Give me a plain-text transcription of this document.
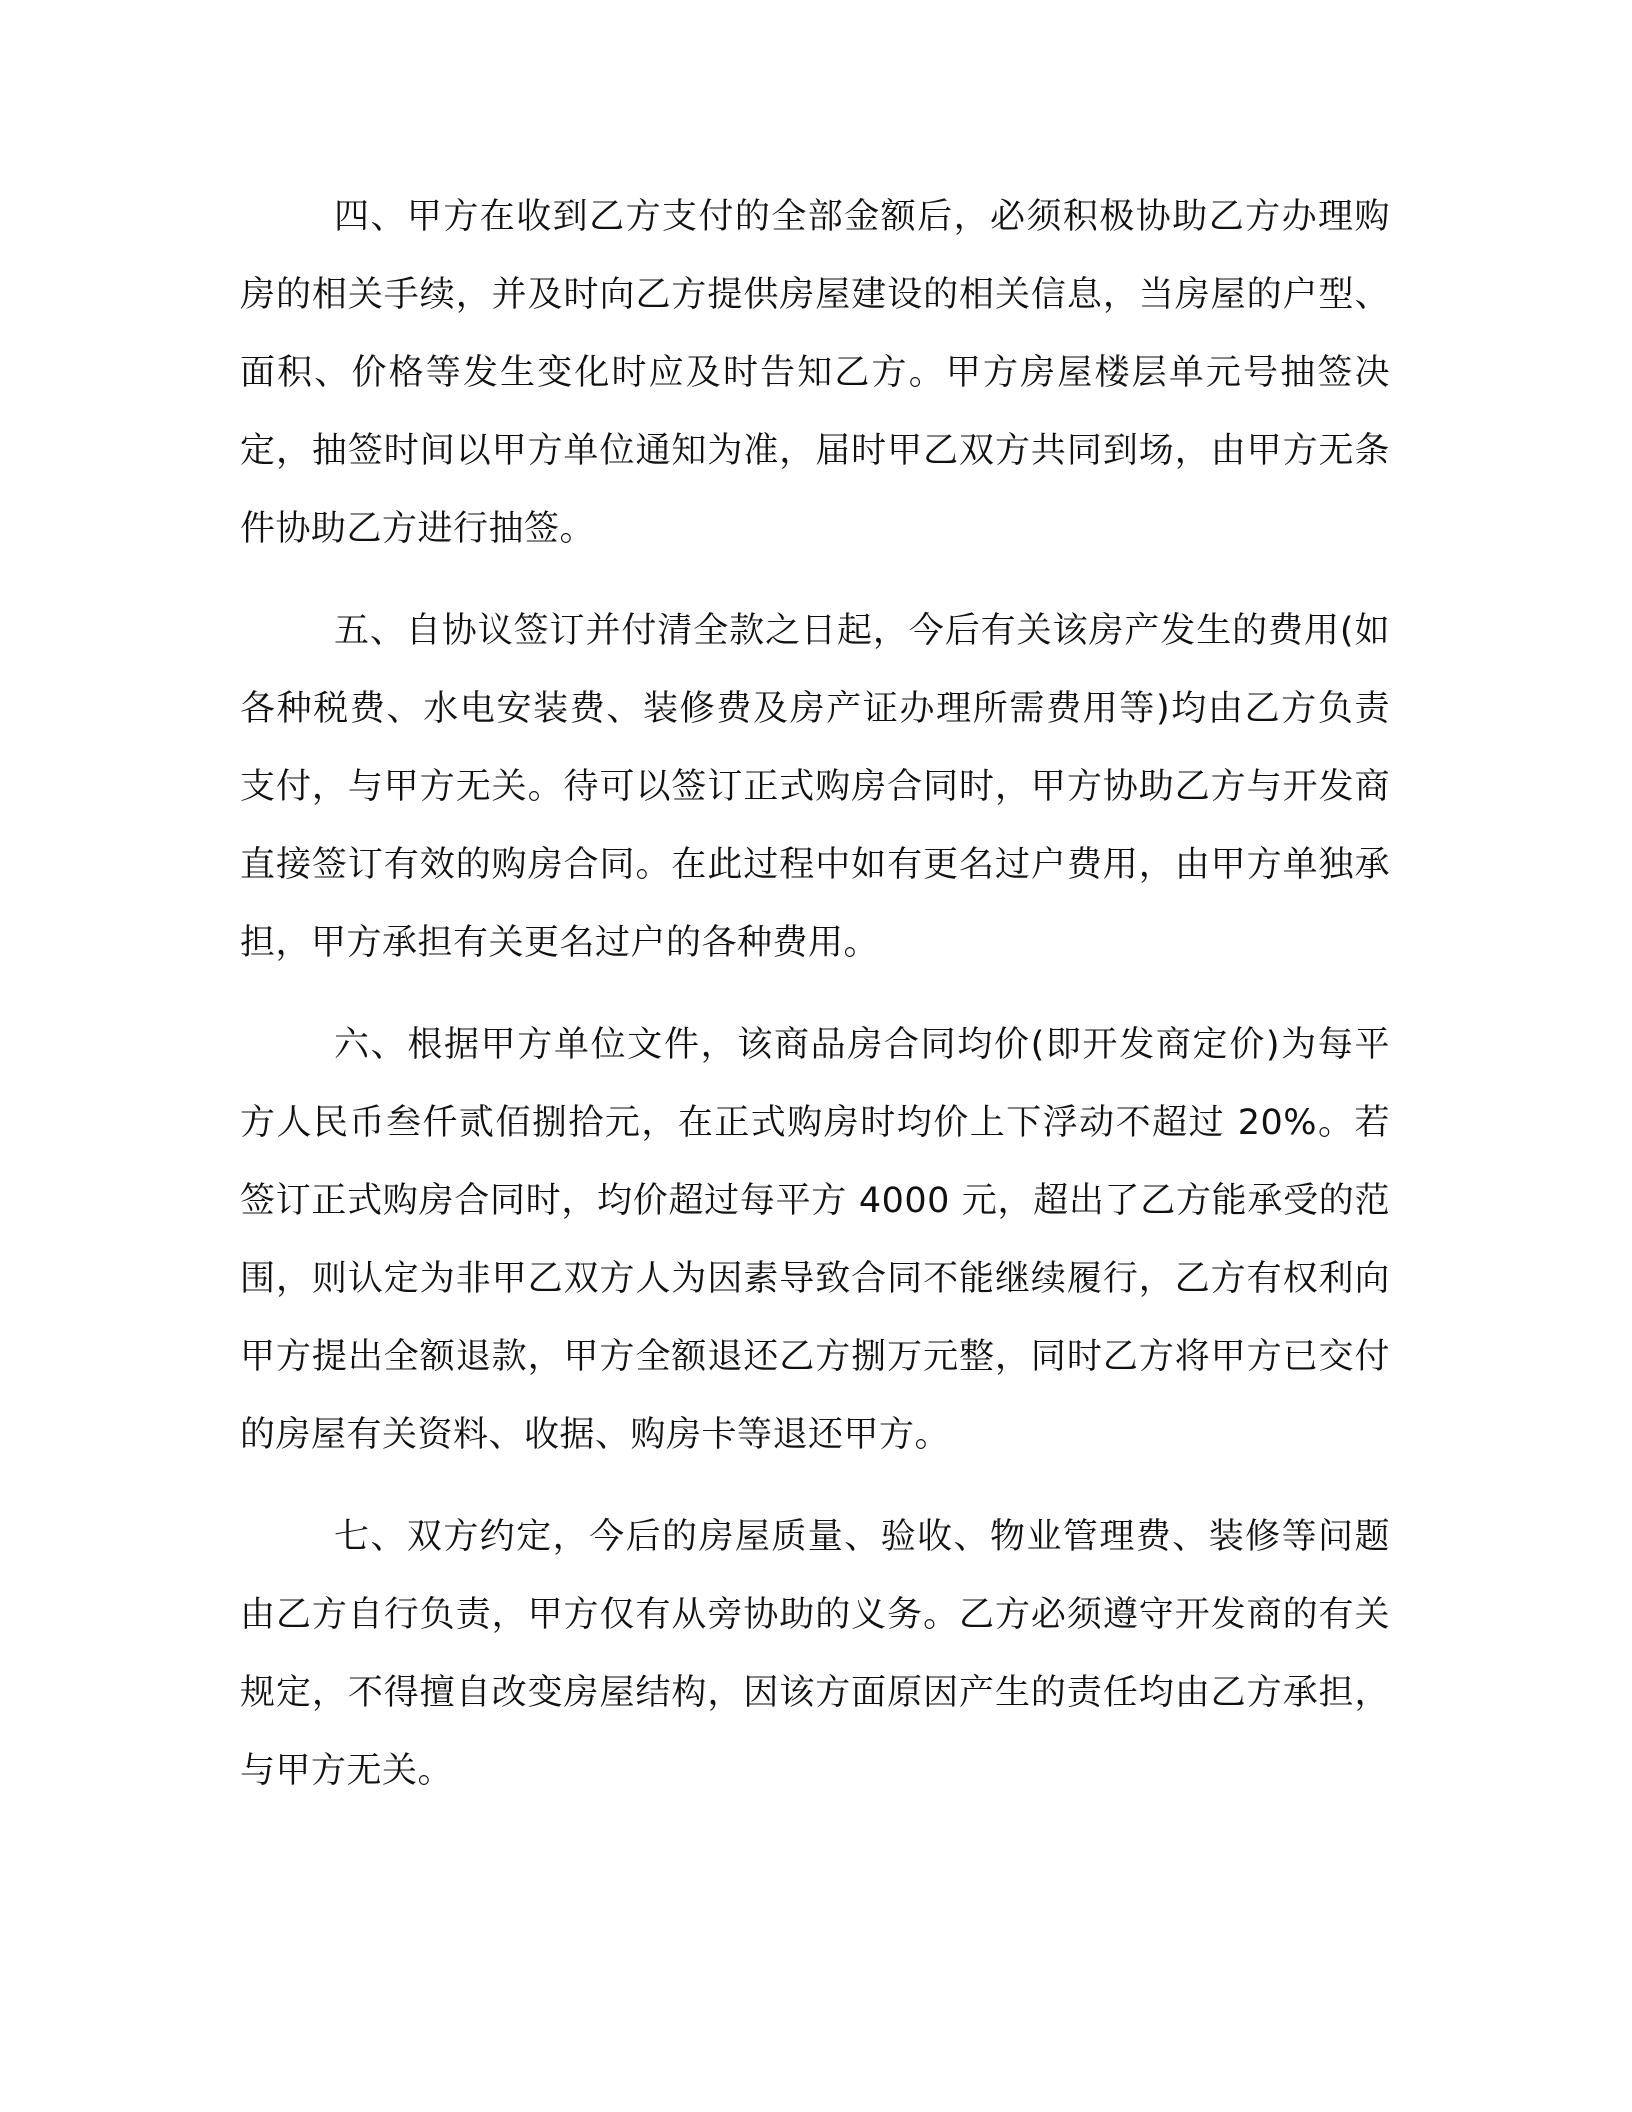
四、甲方在收到乙方支付的全部金额后，必须积极协助乙方办理购房的相关手续，并及时向乙方提供房屋建设的相关信息，当房屋的户型、面积、价格等发生变化时应及时告知乙方。甲方房屋楼层单元号抽签决定，抽签时间以甲方单位通知为准，届时甲乙双方共同到场，由甲方无条件协助乙方进行抽签。

五、自协议签订并付清全款之日起，今后有关该房产发生的费用(如各种税费、水电安装费、装修费及房产证办理所需费用等)均由乙方负责支付，与甲方无关。待可以签订正式购房合同时，甲方协助乙方与开发商直接签订有效的购房合同。在此过程中如有更名过户费用，由甲方单独承担，甲方承担有关更名过户的各种费用。

六、根据甲方单位文件，该商品房合同均价(即开发商定价)为每平方人民币叁仟贰佰捌拾元，在正式购房时均价上下浮动不超过 20%。若签订正式购房合同时，均价超过每平方 4000 元，超出了乙方能承受的范围，则认定为非甲乙双方人为因素导致合同不能继续履行，乙方有权利向甲方提出全额退款，甲方全额退还乙方捌万元整，同时乙方将甲方已交付的房屋有关资料、收据、购房卡等退还甲方。

七、双方约定，今后的房屋质量、验收、物业管理费、装修等问题由乙方自行负责，甲方仅有从旁协助的义务。乙方必须遵守开发商的有关规定，不得擅自改变房屋结构，因该方面原因产生的责任均由乙方承担，与甲方无关。
